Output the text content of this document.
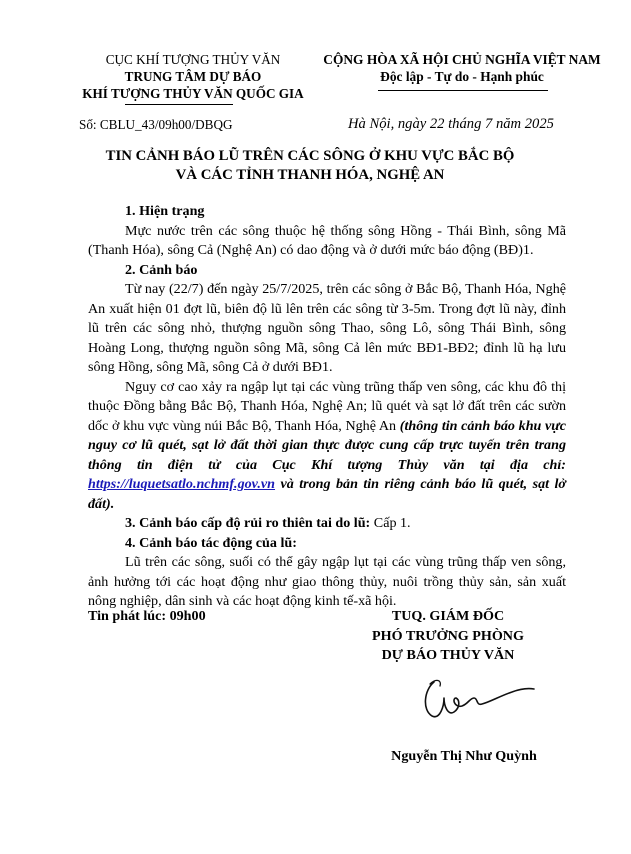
CỤC KHÍ TƯỢNG THỦY VĂN
TRUNG TÂM DỰ BÁO
KHÍ TƯỢNG THỦY VĂN QUỐC GIA
CỘNG HÒA XÃ HỘI CHỦ NGHĨA VIỆT NAM
Độc lập - Tự do - Hạnh phúc
Số: CBLU_43/09h00/DBQG	Hà Nội, ngày 22 tháng 7 năm 2025
TIN CẢNH BÁO LŨ TRÊN CÁC SÔNG Ở KHU VỰC BẮC BỘ
VÀ CÁC TỈNH THANH HÓA, NGHỆ AN

1. Hiện trạng

Mực nước trên các sông thuộc hệ thống sông Hồng - Thái Bình, sông Mã (Thanh Hóa), sông Cả (Nghệ An) có dao động và ở dưới mức báo động (BĐ)1.

2. Cảnh báo

Từ nay (22/7) đến ngày 25/7/2025, trên các sông ở Bắc Bộ, Thanh Hóa, Nghệ An xuất hiện 01 đợt lũ, biên độ lũ lên trên các sông từ 3-5m. Trong đợt lũ này, đỉnh lũ trên các sông nhỏ, thượng nguồn sông Thao, sông Lô, sông Thái Bình, sông Hoàng Long, thượng nguồn sông Mã, sông Cả lên mức BĐ1-BĐ2; đỉnh lũ hạ lưu sông Hồng, sông Mã, sông Cả ở dưới BĐ1.

Nguy cơ cao xảy ra ngập lụt tại các vùng trũng thấp ven sông, các khu đô thị thuộc Đồng bằng Bắc Bộ, Thanh Hóa, Nghệ An; lũ quét và sạt lở đất trên các sườn dốc ở khu vực vùng núi Bắc Bộ, Thanh Hóa, Nghệ An (thông tin cảnh báo khu vực nguy cơ lũ quét, sạt lở đất thời gian thực được cung cấp trực tuyến trên trang thông tin điện tử của Cục Khí tượng Thủy văn tại địa chỉ: https://luquetsatlo.nchmf.gov.vn và trong bản tin riêng cảnh báo lũ quét, sạt lở đất).

3. Cảnh báo cấp độ rủi ro thiên tai do lũ: Cấp 1.

4. Cảnh báo tác động của lũ:

Lũ trên các sông, suối có thể gây ngập lụt tại các vùng trũng thấp ven sông, ảnh hưởng tới các hoạt động như giao thông thủy, nuôi trồng thủy sản, sản xuất nông nghiệp, dân sinh và các hoạt động kinh tế-xã hội.

Tin phát lúc: 09h00	TUQ. GIÁM ĐỐC
PHÓ TRƯỞNG PHÒNG
DỰ BÁO THỦY VĂN
Nguyễn Thị Như Quỳnh
